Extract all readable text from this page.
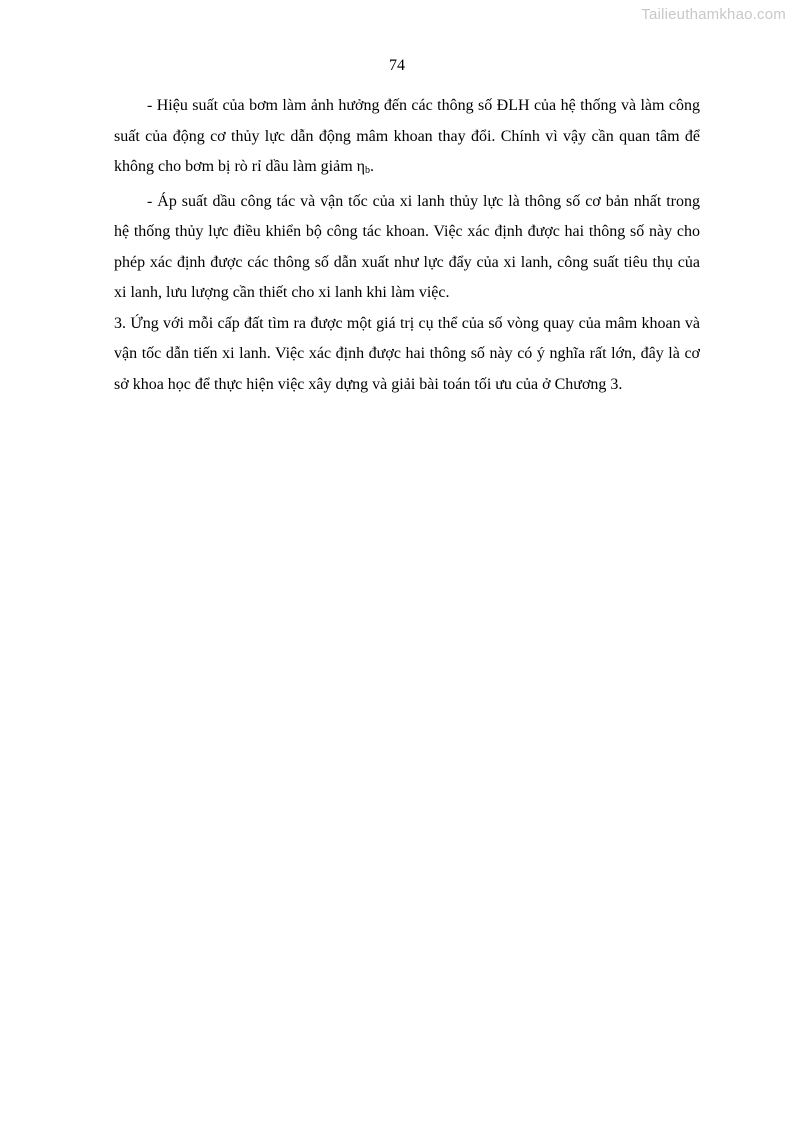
Tailieuthamkhao.com
74

- Hiệu suất của bơm làm ảnh hưởng đến các thông số ĐLH của hệ thống và làm công suất của động cơ thủy lực dẫn động mâm khoan thay đổi. Chính vì vậy cần quan tâm để không cho bơm bị rò rỉ dầu làm giảm $\eta_b$.

- Áp suất dầu công tác và vận tốc của xi lanh thủy lực là thông số cơ bản nhất trong hệ thống thủy lực điều khiển bộ công tác khoan. Việc xác định được hai thông số này cho phép xác định được các thông số dẫn xuất như lực đẩy của xi lanh, công suất tiêu thụ của xi lanh, lưu lượng cần thiết cho xi lanh khi làm việc.

3. Ứng với mỗi cấp đất tìm ra được một giá trị cụ thể của số vòng quay của mâm khoan và vận tốc dẫn tiến xi lanh. Việc xác định được hai thông số này có ý nghĩa rất lớn, đây là cơ sở khoa học để thực hiện việc xây dựng và giải bài toán tối ưu của ở Chương 3.
